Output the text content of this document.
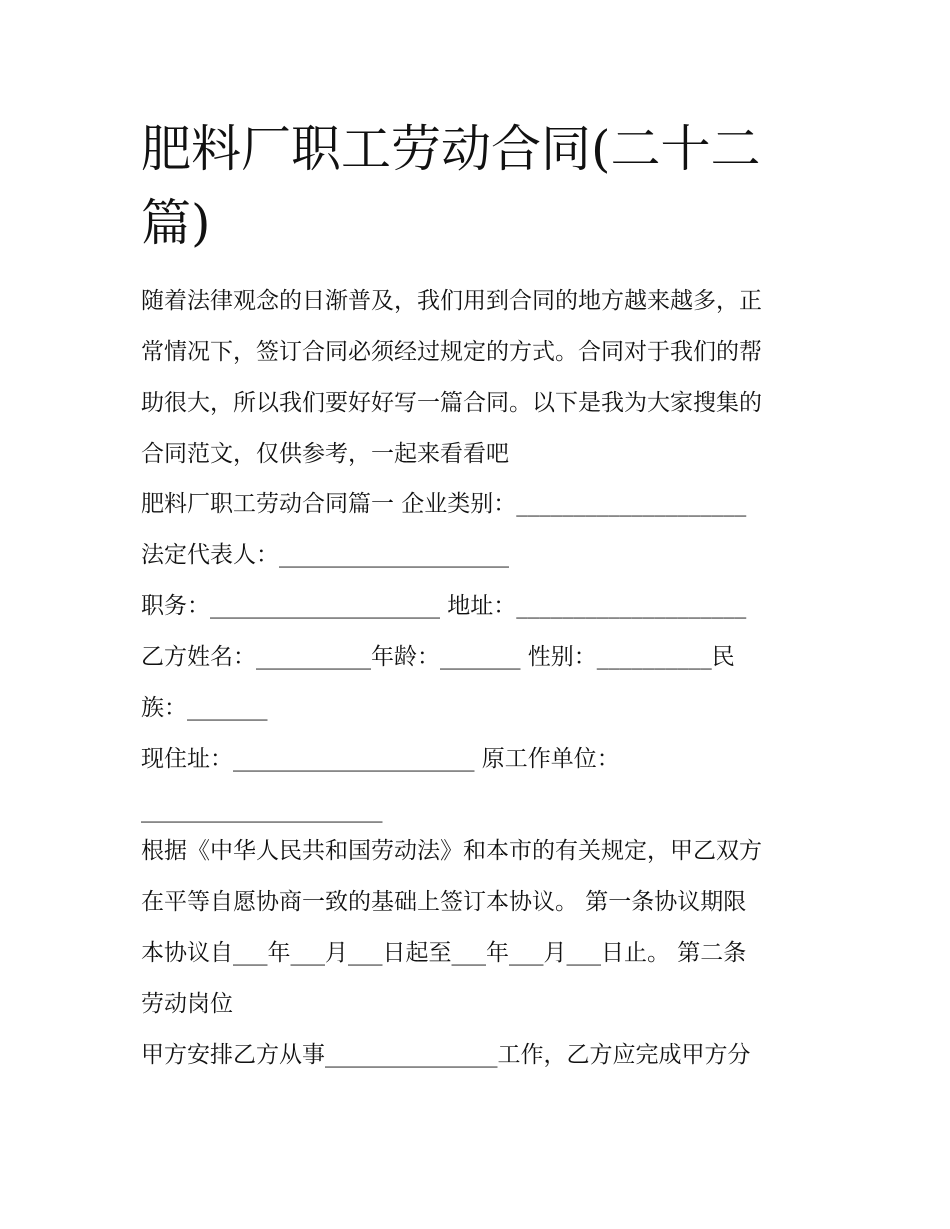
肥料厂职工劳动合同(二十二
篇)

随着法律观念的日渐普及，我们用到合同的地方越来越多，正
常情况下，签订合同必须经过规定的方式。合同对于我们的帮
助很大，所以我们要好好写一篇合同。以下是我为大家搜集的
合同范文，仅供参考，一起来看看吧

肥料厂职工劳动合同篇一 企业类别：____________________

法定代表人：____________________

职务：____________________ 地址：____________________

乙方姓名：__________年龄：_______ 性别：__________民
族：_______

现住址：_____________________ 原工作单位：
_____________________

根据《中华人民共和国劳动法》和本市的有关规定，甲乙双方
在平等自愿协商一致的基础上签订本协议。 第一条协议期限
本协议自___年___月___日起至___年___月___日止。 第二条
劳动岗位

甲方安排乙方从事_______________工作，乙方应完成甲方分
